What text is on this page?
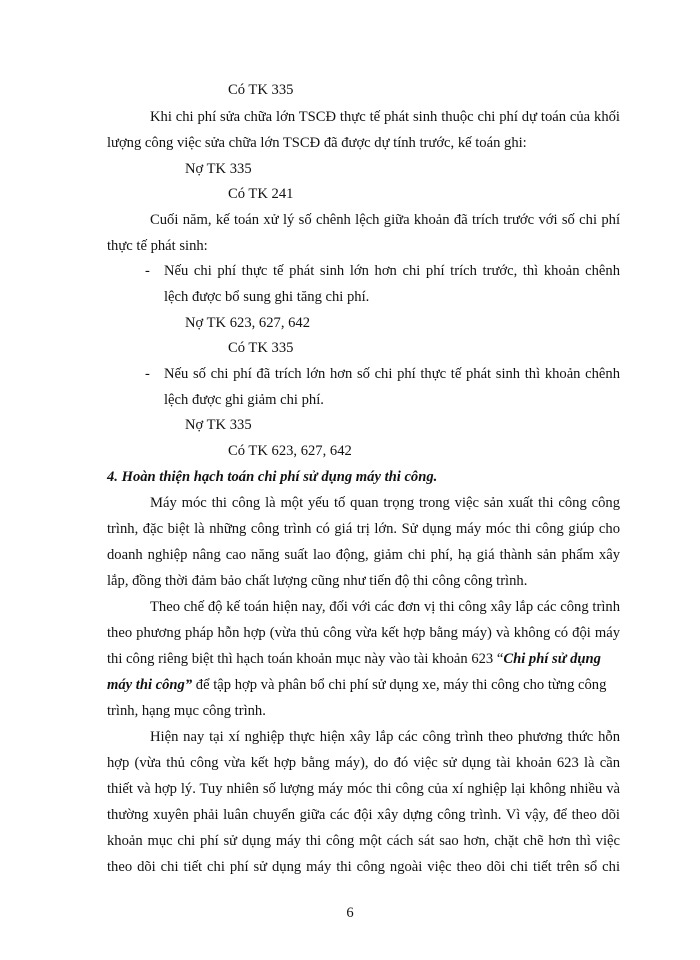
Có TK 335
Khi chi phí sửa chữa lớn TSCĐ thực tế phát sinh thuộc chi phí dự toán của khối
lượng công việc sửa chữa lớn TSCĐ đã được dự tính trước, kế toán ghi:
Nợ TK 335
Có TK 241
Cuối năm, kế toán xử lý số chênh lệch giữa khoản đã trích trước với số chi phí
thực tế phát sinh:
- Nếu chi phí thực tế phát sinh lớn hơn chi phí trích trước, thì khoản chênh
lệch được bổ sung ghi tăng chi phí.
Nợ TK 623, 627, 642
Có TK 335
- Nếu số chi phí đã trích lớn hơn số chi phí thực tế phát sinh thì khoản chênh
lệch được ghi giảm chi phí.
Nợ TK 335
Có TK 623, 627, 642
4. Hoàn thiện hạch toán chi phí sử dụng máy thi công.
Máy móc thi công là một yếu tố quan trọng trong việc sản xuất thi công công
trình, đặc biệt là những công trình có giá trị lớn. Sử dụng máy móc thi công giúp cho
doanh nghiệp nâng cao năng suất lao động, giảm chi phí, hạ giá thành sản phẩm xây
lắp, đồng thời đảm bảo chất lượng cũng như tiến độ thi công công trình.
Theo chế độ kế toán hiện nay, đối với các đơn vị thi công xây lắp các công trình
theo phương pháp hỗn hợp (vừa thủ công vừa kết hợp bằng máy) và không có đội máy
thi công riêng biệt thì hạch toán khoản mục này vào tài khoản 623 “Chi phí sử dụng
máy thi công” để tập hợp và phân bổ chi phí sử dụng xe, máy thi công cho từng công
trình, hạng mục công trình.
Hiện nay tại xí nghiệp thực hiện xây lắp các công trình theo phương thức hỗn
hợp (vừa thủ công vừa kết hợp bằng máy), do đó việc sử dụng tài khoản 623 là cần
thiết và hợp lý. Tuy nhiên số lượng máy móc thi công của xí nghiệp lại không nhiều và
thường xuyên phải luân chuyển giữa các đội xây dựng công trình. Vì vậy, để theo dõi
khoản mục chi phí sử dụng máy thi công một cách sát sao hơn, chặt chẽ hơn thì việc
theo dõi chi tiết chi phí sử dụng máy thi công ngoài việc theo dõi chi tiết trên sổ chi
6
